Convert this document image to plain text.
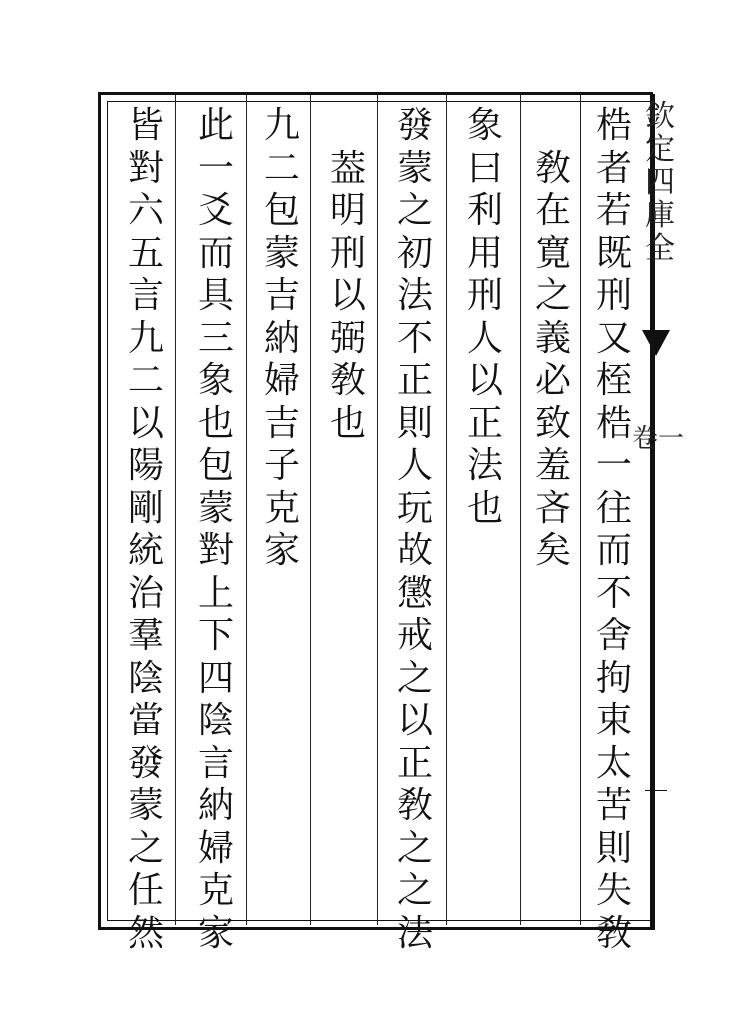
欽
定
四
庫
全
卷一
梏
者
若
既
刑
又
桎
梏
一
往
而
不
舍
拘
束
太
苦
則
失
敎
敎
在
寛
之
義
必
致
羞
吝
矣
象
曰
利
用
刑
人
以
正
法
也
發
蒙
之
初
法
不
正
則
人
玩
故
懲
戒
之
以
正
敎
之
之
法
葢
明
刑
以
弼
敎
也
九
二
包
蒙
吉
納
婦
吉
子
克
家
此
一
爻
而
具
三
象
也
包
蒙
對
上
下
四
陰
言
納
婦
克
家
皆
對
六
五
言
九
二
以
陽
剛
統
治
羣
陰
當
發
蒙
之
任
然
